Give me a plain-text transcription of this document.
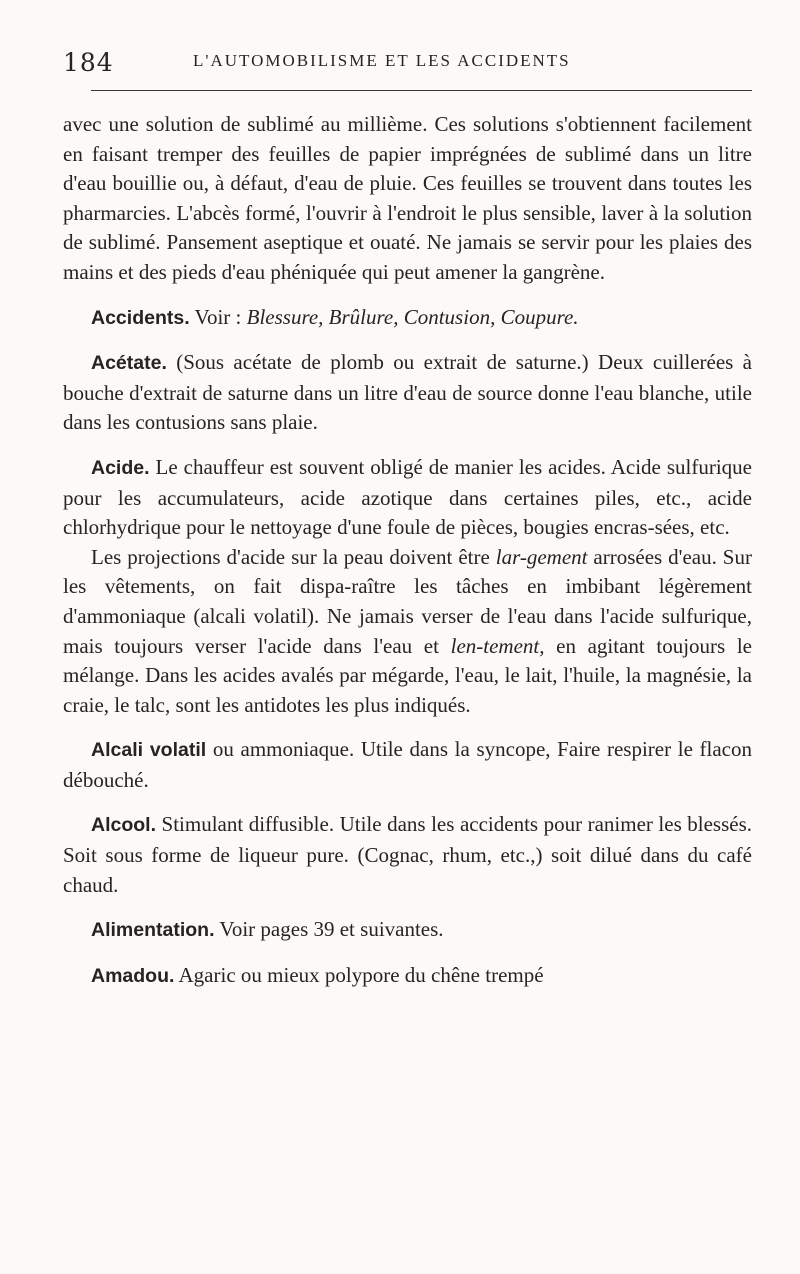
184	L'AUTOMOBILISME ET LES ACCIDENTS

avec une solution de sublimé au millième. Ces solutions s'obtiennent facilement en faisant tremper des feuilles de papier imprégnées de sublimé dans un litre d'eau bouillie ou, à défaut, d'eau de pluie. Ces feuilles se trouvent dans toutes les pharmarcies. L'abcès formé, l'ouvrir à l'endroit le plus sensible, laver à la solution de sublimé. Pansement aseptique et ouaté. Ne jamais se servir pour les plaies des mains et des pieds d'eau phéniquée qui peut amener la gangrène.

Accidents. Voir : Blessure, Brûlure, Contusion, Coupure.

Acétate. (Sous acétate de plomb ou extrait de saturne.) Deux cuillerées à bouche d'extrait de saturne dans un litre d'eau de source donne l'eau blanche, utile dans les contusions sans plaie.

Acide. Le chauffeur est souvent obligé de manier les acides. Acide sulfurique pour les accumulateurs, acide azotique dans certaines piles, etc., acide chlorhydrique pour le nettoyage d'une foule de pièces, bougies encras-sées, etc.

Les projections d'acide sur la peau doivent être lar-gement arrosées d'eau. Sur les vêtements, on fait dispa-raître les tâches en imbibant légèrement d'ammoniaque (alcali volatil). Ne jamais verser de l'eau dans l'acide sulfurique, mais toujours verser l'acide dans l'eau et len-tement, en agitant toujours le mélange. Dans les acides avalés par mégarde, l'eau, le lait, l'huile, la magnésie, la craie, le talc, sont les antidotes les plus indiqués.

Alcali volatil ou ammoniaque. Utile dans la syncope, Faire respirer le flacon débouché.

Alcool. Stimulant diffusible. Utile dans les accidents pour ranimer les blessés. Soit sous forme de liqueur pure. (Cognac, rhum, etc.,) soit dilué dans du café chaud.

Alimentation. Voir pages 39 et suivantes.

Amadou. Agaric ou mieux polypore du chêne trempé
